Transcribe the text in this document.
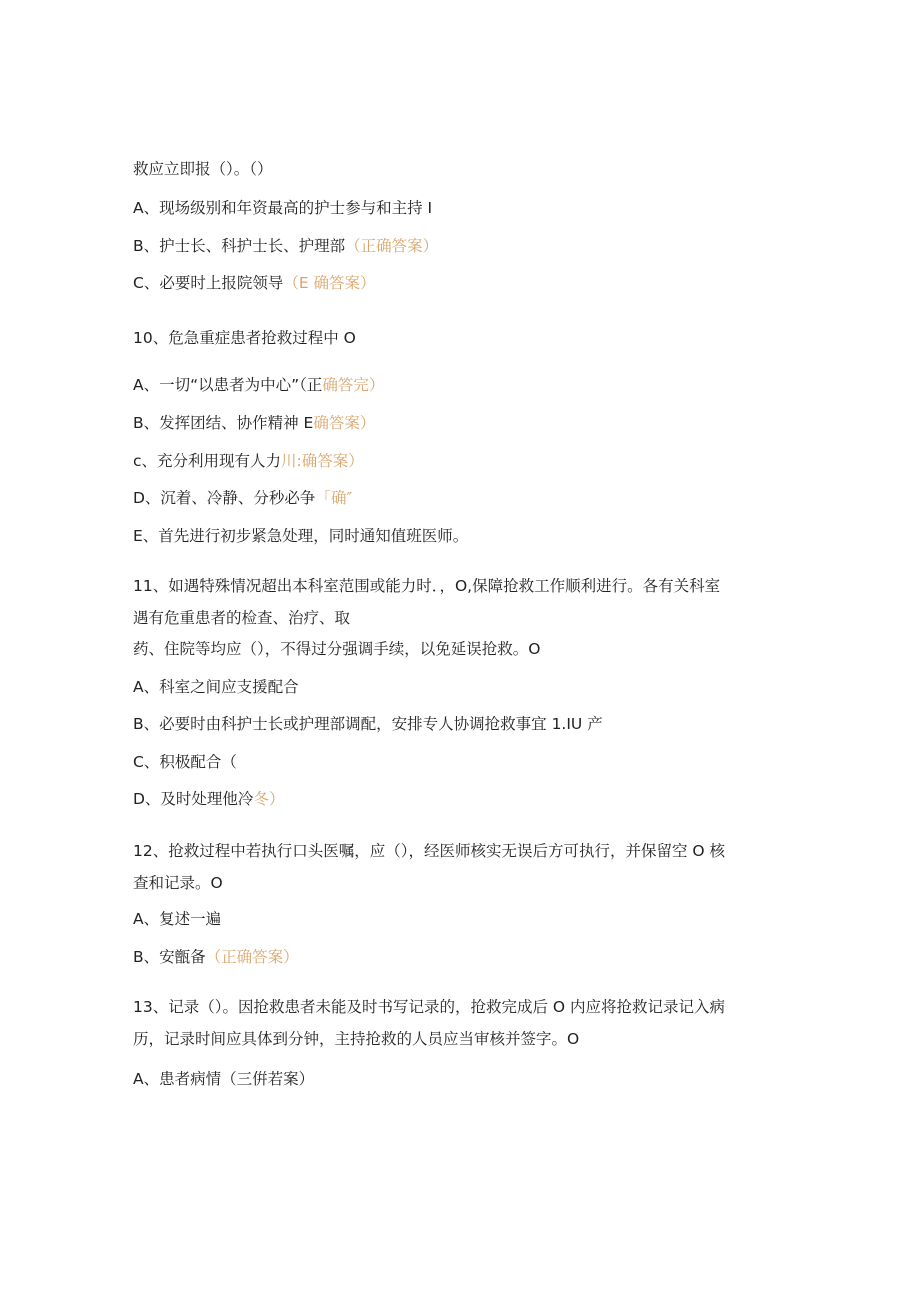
救应立即报（）。（）
A、现场级别和年资最高的护士参与和主持 I
B、护士长、科护士长、护理部（正确答案）
C、必要时上报院领导（E 确答案）
10、危急重症患者抢救过程中 O
A、一切“以患者为中心”（正确答完）
B、发挥团结、协作精神 E确答案）
c、充分利用现有人力川:确答案）
D、沉着、冷静、分秒必争「确″
E、首先进行初步紧急处理，同时通知值班医师。
11、如遇特殊情况超出本科室范围或能力时．，O,保障抢救工作顺利进行。各有关科室
遇有危重患者的检查、治疗、取
药、住院等均应（），不得过分强调手续，以免延误抢救。O
A、科室之间应支援配合
B、必要时由科护士长或护理部调配，安排专人协调抢救事宜 1.IU 产
C、积极配合（
D、及时处理他冷冬）
12、抢救过程中若执行口头医嘱，应（），经医师核实无误后方可执行，并保留空 O 核
查和记录。O
A、复述一遍
B、安甑备（正确答案）
13、记录（）。因抢救患者未能及时书写记录的，抢救完成后 O 内应将抢救记录记入病
历，记录时间应具体到分钟，主持抢救的人员应当审核并签字。O
A、患者病情（三倂若案）
